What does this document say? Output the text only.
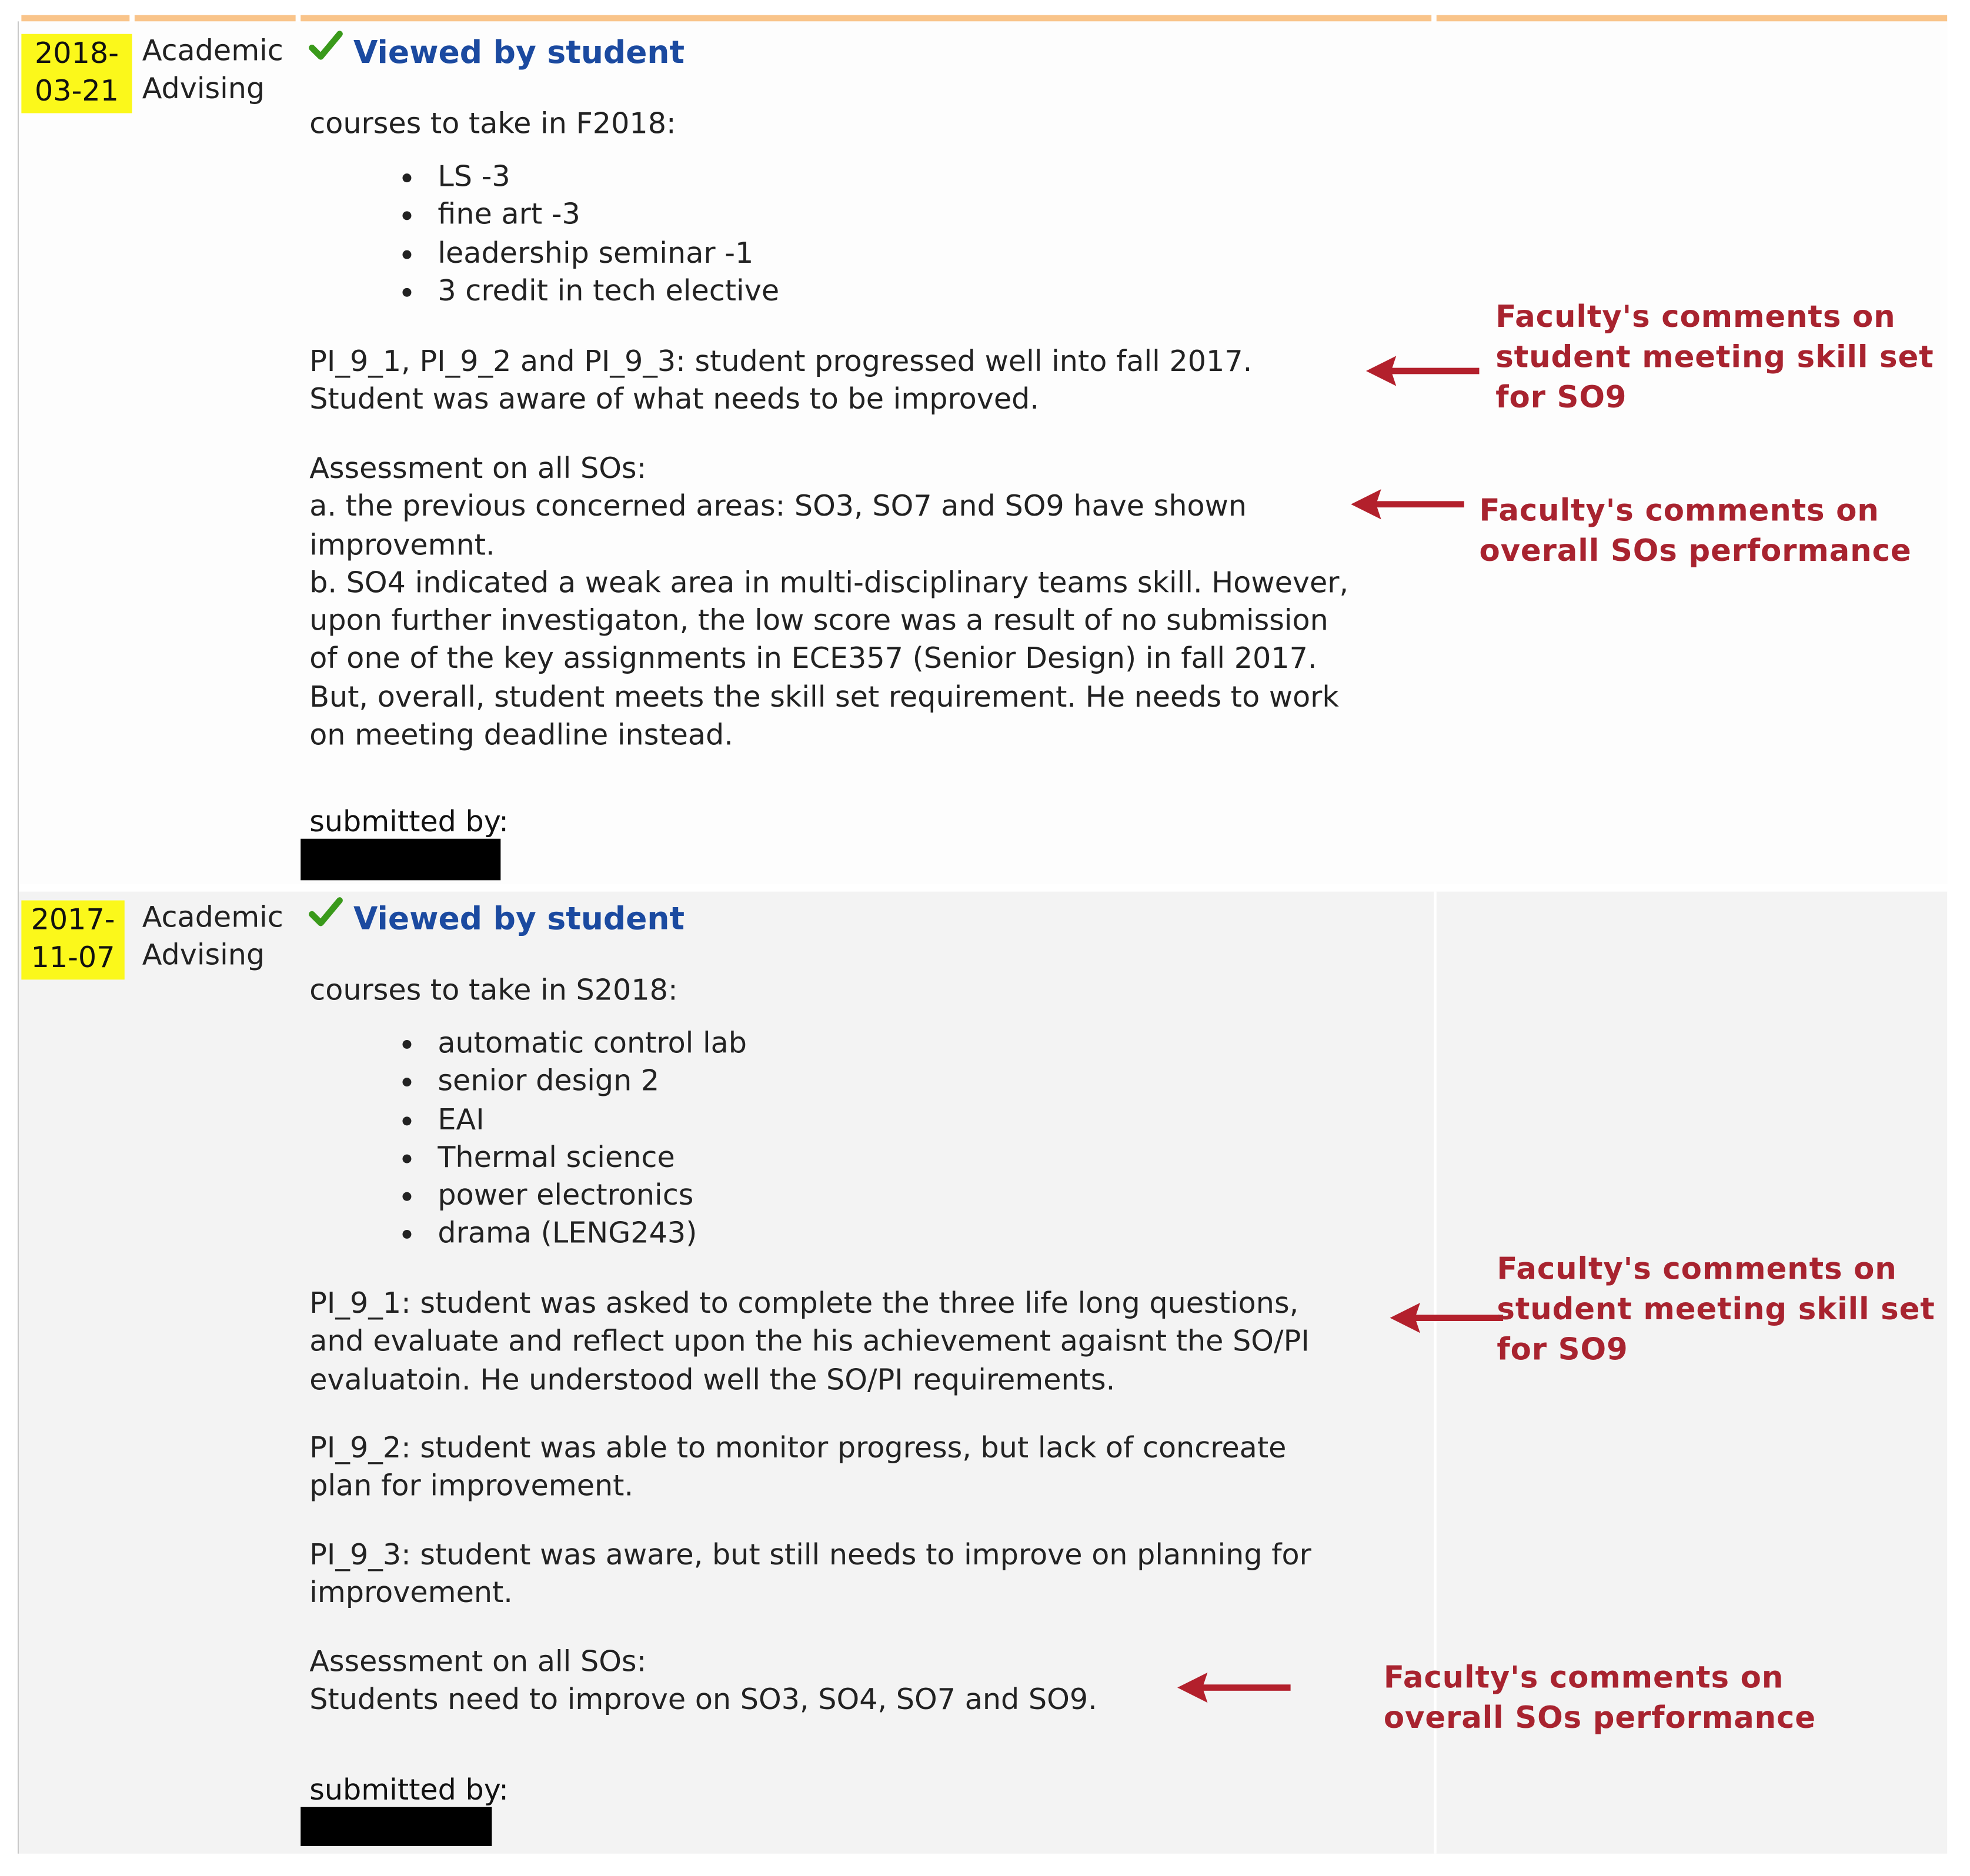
2018-
03-21
Academic
Advising
Viewed by student
courses to take in F2018:
LS -3
fine art -3
leadership seminar -1
3 credit in tech elective

PI_9_1, PI_9_2 and PI_9_3: student progressed well into fall 2017.

Student was aware of what needs to be improved.

Assessment on all SOs:

a. the previous concerned areas: SO3, SO7 and SO9 have shown

improvemnt.

b. SO4 indicated a weak area in multi-disciplinary teams skill. However,

upon further investigaton, the low score was a result of no submission

of one of the key assignments in ECE357 (Senior Design) in fall 2017.

But, overall, student meets the skill set requirement. He needs to work

on meeting deadline instead.

submitted by:
Faculty's comments on
student meeting skill set
for SO9
Faculty's comments on
overall SOs performance
2017-
11-07
Academic
Advising
Viewed by student
courses to take in S2018:
automatic control lab
senior design 2
EAI
Thermal science
power electronics
drama (LENG243)

PI_9_1: student was asked to complete the three life long questions,

and evaluate and reflect upon the his achievement agaisnt the SO/PI

evaluatoin. He understood well the SO/PI requirements.

PI_9_2: student was able to monitor progress, but lack of concreate

plan for improvement.

PI_9_3: student was aware, but still needs to improve on planning for

improvement.

Assessment on all SOs:

Students need to improve on SO3, SO4, SO7 and SO9.

submitted by:
Faculty's comments on
student meeting skill set
for SO9
Faculty's comments on
overall SOs performance
